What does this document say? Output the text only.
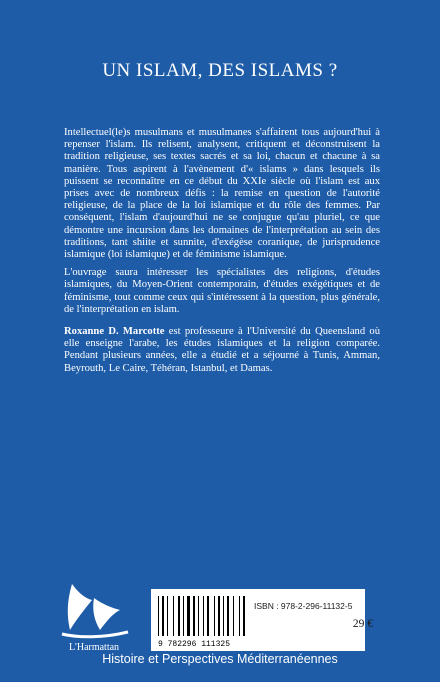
UN ISLAM, DES ISLAMS ?

Intellectuel(le)s musulmans et musulmanes s'affairent tous aujourd'hui à repenser l'islam. Ils relisent, analysent, critiquent et déconstruisent la tradition religieuse, ses textes sacrés et sa loi, chacun et chacune à sa manière. Tous aspirent à l'avènement d'« islams » dans lesquels ils puissent se reconnaître en ce début du XXIe siècle où l'islam est aux prises avec de nombreux défis : la remise en question de l'autorité religieuse, de la place de la loi islamique et du rôle des femmes. Par conséquent, l'islam d'aujourd'hui ne se conjugue qu'au pluriel, ce que démontre une incursion dans les domaines de l'interprétation au sein des traditions, tant shiite et sunnite, d'exégèse coranique, de jurisprudence islamique (loi islamique) et de féminisme islamique.

L'ouvrage saura intéresser les spécialistes des religions, d'études islamiques, du Moyen-Orient contemporain, d'études exégétiques et de féminisme, tout comme ceux qui s'intéressent à la question, plus générale, de l'interprétation en islam.

Roxanne D. Marcotte est professeure à l'Université du Queensland où elle enseigne l'arabe, les études islamiques et la religion comparée. Pendant plusieurs années, elle a étudié et a séjourné à Tunis, Amman, Beyrouth, Le Caire, Téhéran, Istanbul, et Damas.

L'Harmattan	9 782296 111325
ISBN : 978-2-296-11132-5
29 €
Histoire et Perspectives Méditerranéennes
